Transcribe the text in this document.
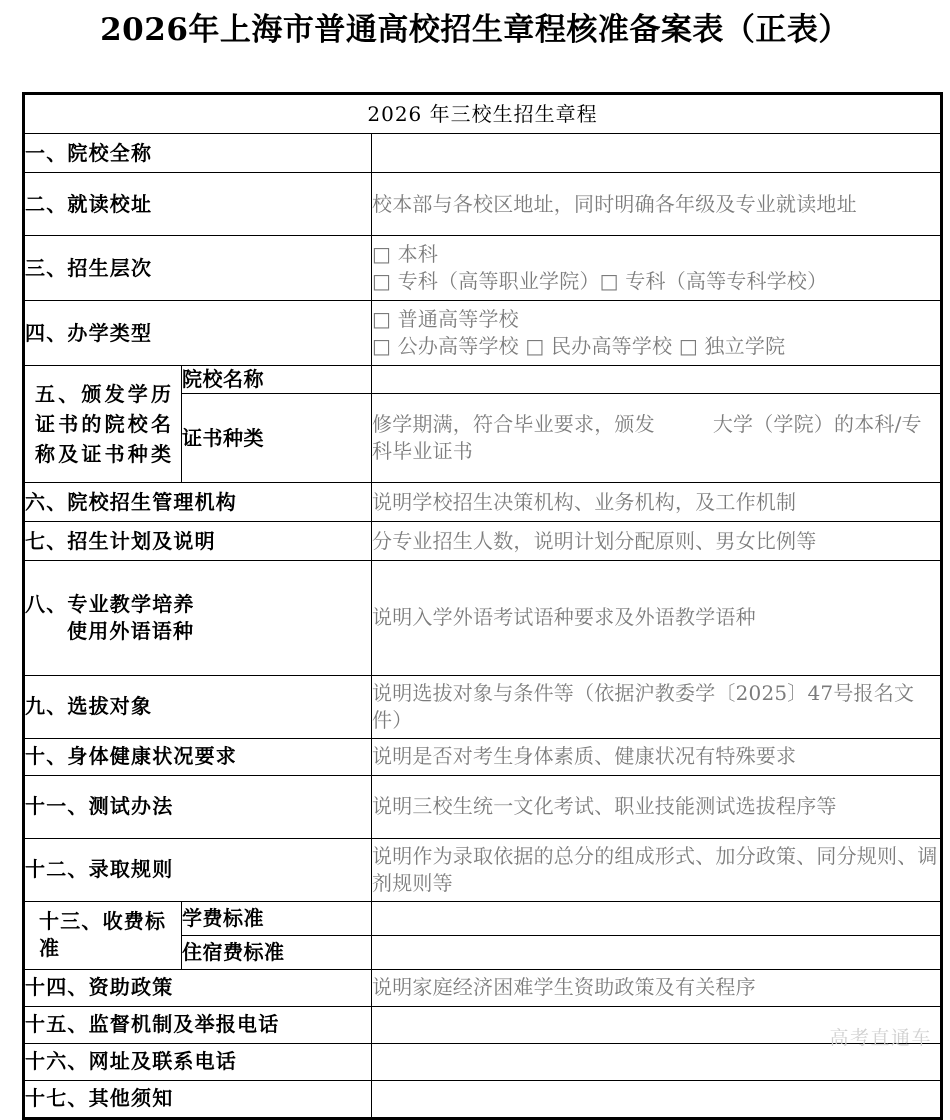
2026年上海市普通高校招生章程核准备案表（正表）
2026 年三校生招生章程		
一、院校全称		
二、就读校址		校本部与各校区地址，同时明确各年级及专业就读地址
三、招生层次		□ 本科
□ 专科（高等职业学院）□ 专科（高等专科学校）

四、办学类型		□ 普通高等学校
□ 公办高等学校 □ 民办高等学校 □ 独立学院

五、颁发学历证书的院校名称及证书种类	院校名称	
	证书种类	修学期满，符合毕业要求，颁发 大学（学院）的本科/专科毕业证书
六、院校招生管理机构		说明学校招生决策机构、业务机构，及工作机制
七、招生计划及说明		分专业招生人数，说明计划分配原则、男女比例等

八、专业教学培养

使用外语语种		说明入学外语考试语种要求及外语教学语种
九、选拔对象		说明选拔对象与条件等（依据沪教委学〔2025〕47号报名文件）
十、身体健康状况要求		说明是否对考生身体素质、健康状况有特殊要求
十一、测试办法		说明三校生统一文化考试、职业技能测试选拔程序等
十二、录取规则		说明作为录取依据的总分的组成形式、加分政策、同分规则、调剂规则等
十三、收费标准	学费标准	
	住宿费标准	
十四、资助政策		说明家庭经济困难学生资助政策及有关程序
十五、监督机制及举报电话		
十六、网址及联系电话		
十七、其他须知		
高考直通车
